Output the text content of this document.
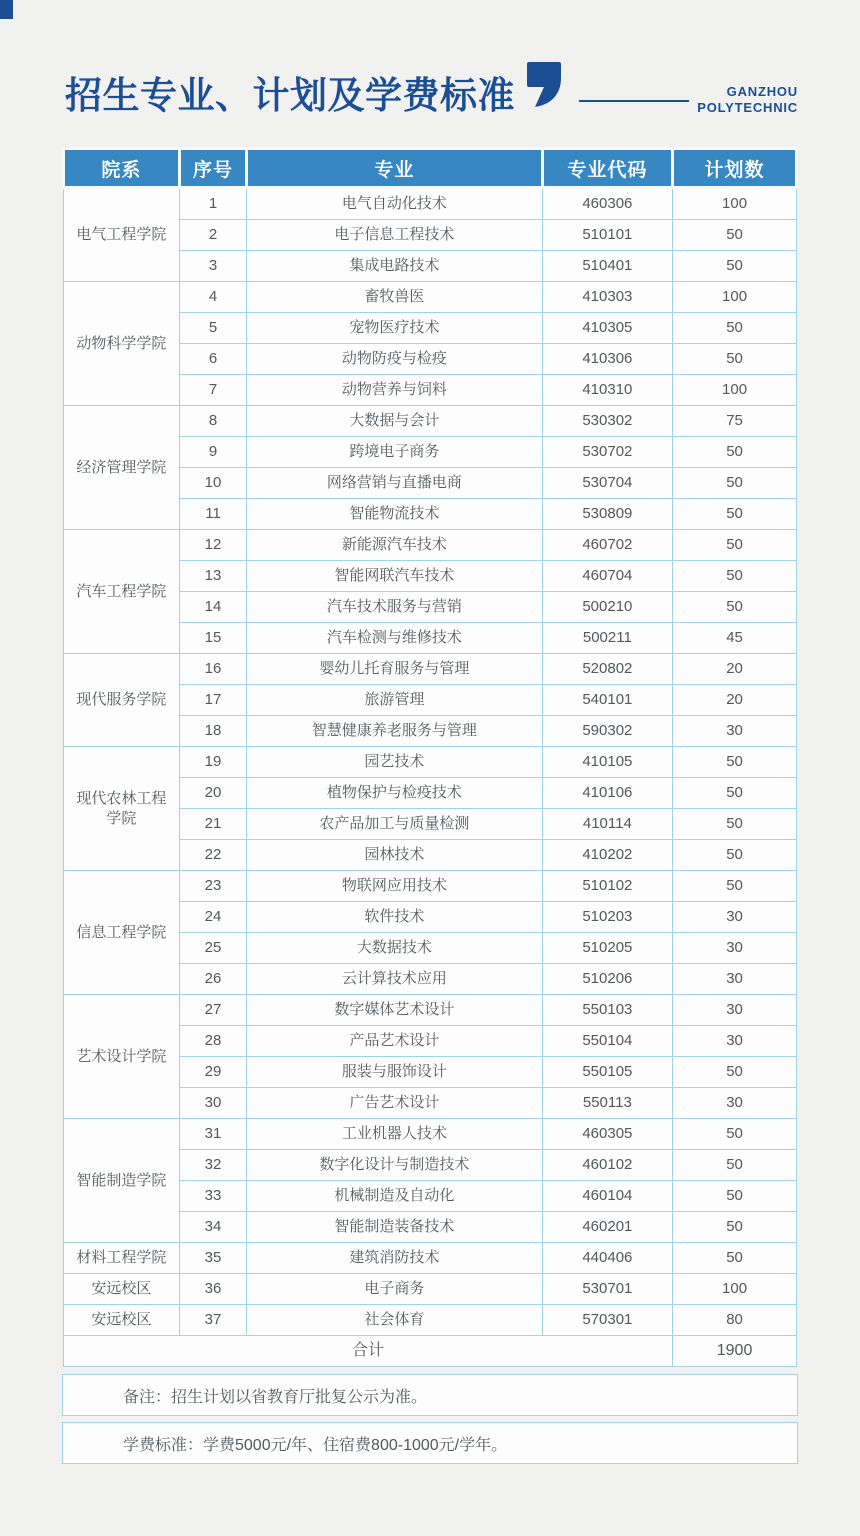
招生专业、计划及学费标准	GANZHOU
POLYTECHNIC
院系	序号	专业	专业代码	计划数
电气工程学院	1	电气自动化技术	460306	100
	2	电子信息工程技术	510101	50
	3	集成电路技术	510401	50
动物科学学院	4	畜牧兽医	410303	100
	5	宠物医疗技术	410305	50
	6	动物防疫与检疫	410306	50
	7	动物营养与饲料	410310	100
经济管理学院	8	大数据与会计	530302	75
	9	跨境电子商务	530702	50
	10	网络营销与直播电商	530704	50
	11	智能物流技术	530809	50
汽车工程学院	12	新能源汽车技术	460702	50
	13	智能网联汽车技术	460704	50
	14	汽车技术服务与营销	500210	50
	15	汽车检测与维修技术	500211	45
现代服务学院	16	婴幼儿托育服务与管理	520802	20
	17	旅游管理	540101	20
	18	智慧健康养老服务与管理	590302	30
现代农林工程学院	19	园艺技术	410105	50
	20	植物保护与检疫技术	410106	50
	21	农产品加工与质量检测	410114	50
	22	园林技术	410202	50
信息工程学院	23	物联网应用技术	510102	50
	24	软件技术	510203	30
	25	大数据技术	510205	30
	26	云计算技术应用	510206	30
艺术设计学院	27	数字媒体艺术设计	550103	30
	28	产品艺术设计	550104	30
	29	服装与服饰设计	550105	50
	30	广告艺术设计	550113	30
智能制造学院	31	工业机器人技术	460305	50
	32	数字化设计与制造技术	460102	50
	33	机械制造及自动化	460104	50
	34	智能制造装备技术	460201	50
材料工程学院	35	建筑消防技术	440406	50
安远校区	36	电子商务	530701	100
安远校区	37	社会体育	570301	80
合计				1900
备注：招生计划以省教育厅批复公示为准。
学费标准：学费5000元/年、住宿费800-1000元/学年。
